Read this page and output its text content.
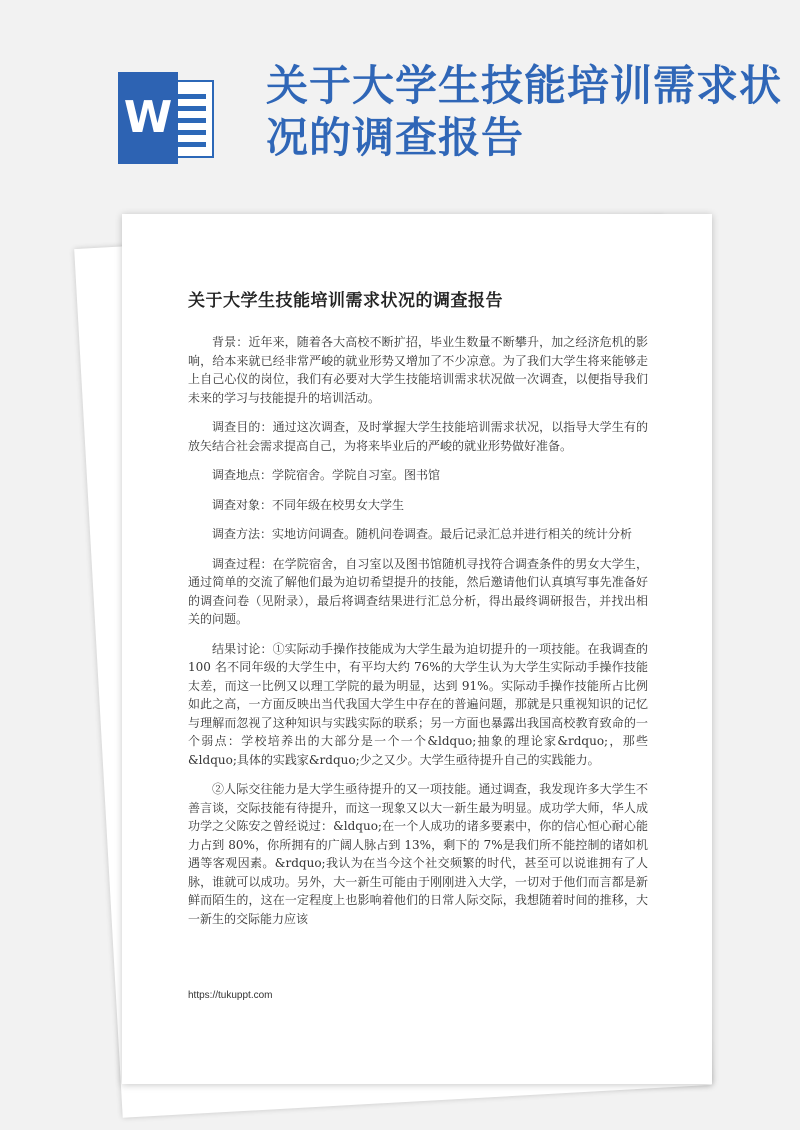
W
关于大学生技能培训需求状况的调查报告
关于大学生技能培训需求状况的调查报告

背景：近年来，随着各大高校不断扩招，毕业生数量不断攀升，加之经济危机的影响，给本来就已经非常严峻的就业形势又增加了不少凉意。为了我们大学生将来能够走上自己心仪的岗位，我们有必要对大学生技能培训需求状况做一次调查，以便指导我们未来的学习与技能提升的培训活动。

调查目的：通过这次调查，及时掌握大学生技能培训需求状况，以指导大学生有的放矢结合社会需求提高自己，为将来毕业后的严峻的就业形势做好准备。

调查地点：学院宿舍。学院自习室。图书馆

调查对象：不同年级在校男女大学生

调查方法：实地访问调查。随机问卷调查。最后记录汇总并进行相关的统计分析

调查过程：在学院宿舍，自习室以及图书馆随机寻找符合调查条件的男女大学生，通过简单的交流了解他们最为迫切希望提升的技能，然后邀请他们认真填写事先准备好的调查问卷（见附录），最后将调查结果进行汇总分析，得出最终调研报告，并找出相关的问题。

结果讨论：①实际动手操作技能成为大学生最为迫切提升的一项技能。在我调查的 100 名不同年级的大学生中，有平均大约 76%的大学生认为大学生实际动手操作技能太差，而这一比例又以理工学院的最为明显，达到 91%。实际动手操作技能所占比例如此之高，一方面反映出当代我国大学生中存在的普遍问题，那就是只重视知识的记忆与理解而忽视了这种知识与实践实际的联系；另一方面也暴露出我国高校教育致命的一个弱点：学校培养出的大部分是一个一个&ldquo;抽象的理论家&rdquo;，那些&ldquo;具体的实践家&rdquo;少之又少。大学生亟待提升自己的实践能力。

②人际交往能力是大学生亟待提升的又一项技能。通过调查，我发现许多大学生不善言谈，交际技能有待提升，而这一现象又以大一新生最为明显。成功学大师，华人成功学之父陈安之曾经说过：&ldquo;在一个人成功的诸多要素中，你的信心恒心耐心能力占到 80%，你所拥有的广阔人脉占到 13%，剩下的 7%是我们所不能控制的诸如机遇等客观因素。&rdquo;我认为在当今这个社交频繁的时代，甚至可以说谁拥有了人脉，谁就可以成功。另外，大一新生可能由于刚刚进入大学，一切对于他们而言都是新鲜而陌生的，这在一定程度上也影响着他们的日常人际交际，我想随着时间的推移，大一新生的交际能力应该

https://tukuppt.com
